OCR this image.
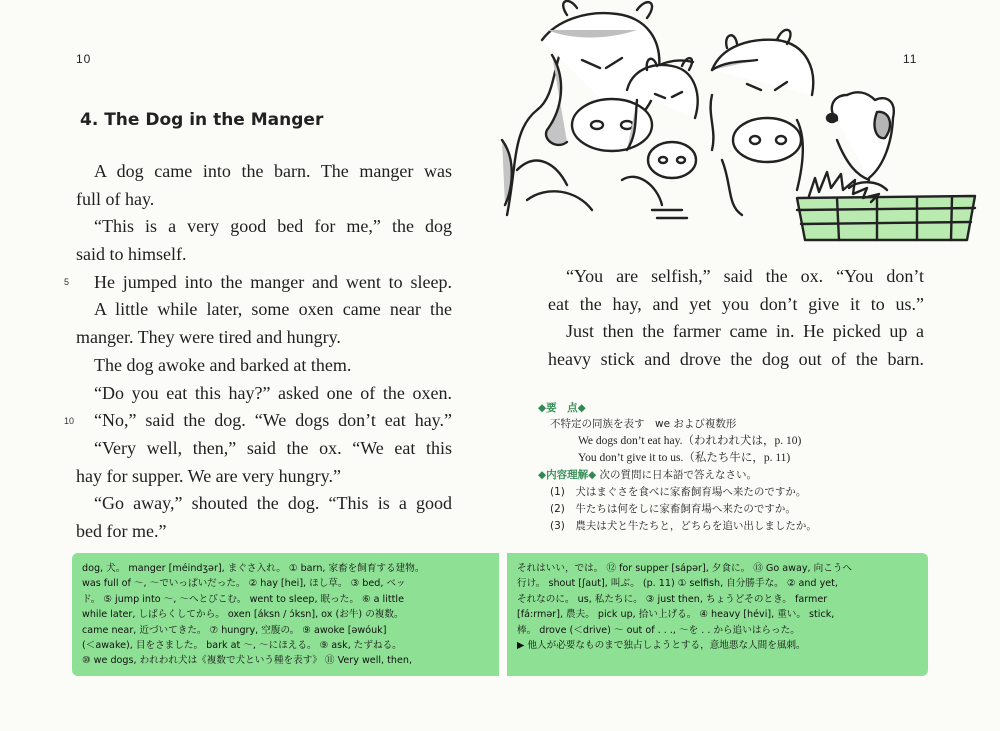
10	11
4. The Dog in the Manger
5
10
A dog came into the barn. The manger was
full of hay.
“This is a very good bed for me,” the dog
said to himself.
He jumped into the manger and went to sleep.
A little while later, some oxen came near the
manger. They were tired and hungry.
The dog awoke and barked at them.
“Do you eat this hay?” asked one of the oxen.
“No,” said the dog. “We dogs don’t eat hay.”
“Very well, then,” said the ox. “We eat this
hay for supper. We are very hungry.”
“Go away,” shouted the dog. “This is a good
bed for me.”
“You are selfish,” said the ox. “You don’t
eat the hay, and yet you don’t give it to us.”
Just then the farmer came in. He picked up a
heavy stick and drove the dog out of the barn.
◆要　点◆
不特定の同族を表す　we および複数形
We dogs don’t eat hay.（われわれ犬は，p. 10)
You don’t give it to us.（私たち牛に，p. 11)
◆内容理解◆ 次の質問に日本語で答えなさい。
(1)　犬はまぐさを食べに家畜飼育場へ来たのですか。
(2)　牛たちは何をしに家畜飼育場へ来たのですか。
(3)　農夫は犬と牛たちと，どちらを追い出しましたか。
dog, 犬。 manger [méindʒər], まぐさ入れ。 ① barn, 家畜を飼育する建物。
was full of ～, ～でいっぱいだった。 ② hay [hei], ほし草。 ③ bed, ベッ
ド。 ⑤ jump into ～, ～へとびこむ。 went to sleep, 眠った。 ⑥ a little
while later, しばらくしてから。 oxen [áksn / ɔ́ksn], ox (お牛) の複数。
came near, 近づいてきた。 ⑦ hungry, 空腹の。 ⑨ awoke [əwóuk]
(＜awake), 目をさました。 bark at ～, ～にほえる。 ⑨ ask, たずねる。
⑩ we dogs, われわれ犬は《複数で犬という種を表す》 ⑪ Very well, then,
それはいい，では。 ⑫ for supper [sápər], 夕食に。 ⑬ Go away, 向こうへ
行け。 shout [ʃaut], 叫ぶ。 (p. 11) ① selfish, 自分勝手な。 ② and yet,
それなのに。 us, 私たちに。 ③ just then, ちょうどそのとき。 farmer
[fá:rmər], 農夫。 pick up, 拾い上げる。 ④ heavy [hévi], 重い。 stick,
棒。 drove (＜drive) ～ out of . . ., ～を . . から追いはらった。
▶ 他人が必要なものまで独占しようとする，意地悪な人間を風刺。
